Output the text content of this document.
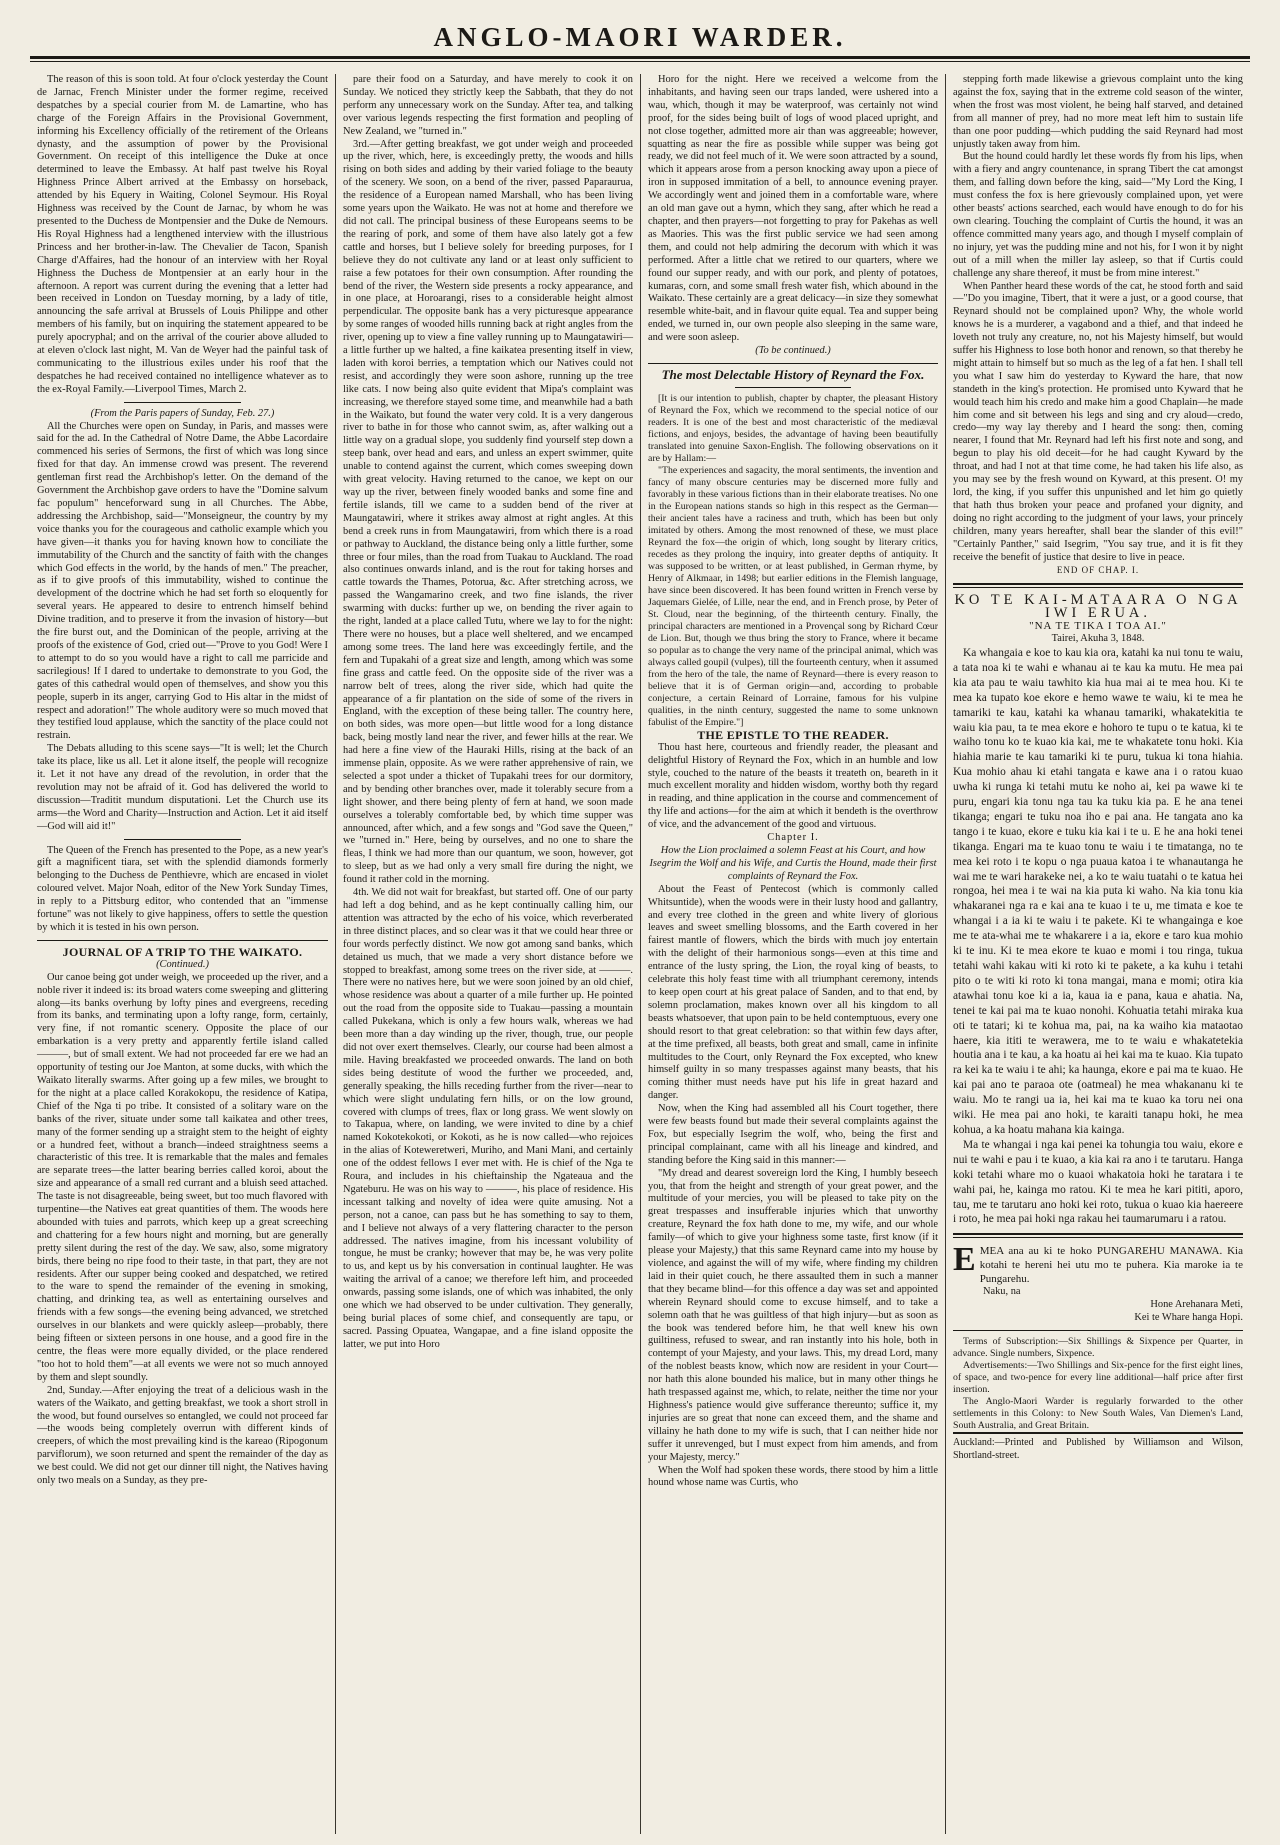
ANGLO-MAORI WARDER.

The reason of this is soon told. At four o'clock yesterday the Count de Jarnac, French Minister under the former regime, received despatches by a special courier from M. de Lamartine, who has charge of the Foreign Affairs in the Provisional Government, informing his Excellency officially of the retirement of the Orleans dynasty, and the assumption of power by the Provisional Government. On receipt of this intelligence the Duke at once determined to leave the Embassy. At half past twelve his Royal Highness Prince Albert arrived at the Embassy on horseback, attended by his Equery in Waiting, Colonel Seymour. His Royal Highness was received by the Count de Jarnac, by whom he was presented to the Duchess de Montpensier and the Duke de Nemours. His Royal Highness had a lengthened interview with the illustrious Princess and her brother-in-law. The Chevalier de Tacon, Spanish Charge d'Affaires, had the honour of an interview with her Royal Highness the Duchess de Montpensier at an early hour in the afternoon. A report was current during the evening that a letter had been received in London on Tuesday morning, by a lady of title, announcing the safe arrival at Brussels of Louis Philippe and other members of his family, but on inquiring the statement appeared to be purely apocryphal; and on the arrival of the courier above alluded to at eleven o'clock last night, M. Van de Weyer had the painful task of communicating to the illustrious exiles under his roof that the despatches he had received contained no intelligence whatever as to the ex-Royal Family.—Liverpool Times, March 2.

(From the Paris papers of Sunday, Feb. 27.)

All the Churches were open on Sunday, in Paris, and masses were said for the ad. In the Cathedral of Notre Dame, the Abbe Lacordaire commenced his series of Sermons, the first of which was long since fixed for that day. An immense crowd was present. The reverend gentleman first read the Archbishop's letter. On the demand of the Government the Archbishop gave orders to have the "Domine salvum fac populum" henceforward sung in all Churches. The Abbe, addressing the Archbishop, said—"Monseigneur, the country by my voice thanks you for the courageous and catholic example which you have given—it thanks you for having known how to conciliate the immutability of the Church and the sanctity of faith with the changes which God effects in the world, by the hands of men." The preacher, as if to give proofs of this immutability, wished to continue the development of the doctrine which he had set forth so eloquently for several years. He appeared to desire to entrench himself behind Divine tradition, and to preserve it from the invasion of history—but the fire burst out, and the Dominican of the people, arriving at the proofs of the existence of God, cried out—"Prove to you God! Were I to attempt to do so you would have a right to call me parricide and sacrilegious! If I dared to undertake to demonstrate to you God, the gates of this cathedral would open of themselves, and show you this people, superb in its anger, carrying God to His altar in the midst of respect and adoration!" The whole auditory were so much moved that they testified loud applause, which the sanctity of the place could not restrain.

The Debats alluding to this scene says—"It is well; let the Church take its place, like us all. Let it alone itself, the people will recognize it. Let it not have any dread of the revolution, in order that the revolution may not be afraid of it. God has delivered the world to discussion—Traditit mundum disputationi. Let the Church use its arms—the Word and Charity—Instruction and Action. Let it aid itself—God will aid it!"

The Queen of the French has presented to the Pope, as a new year's gift a magnificent tiara, set with the splendid diamonds formerly belonging to the Duchess de Penthievre, which are encased in violet coloured velvet. Major Noah, editor of the New York Sunday Times, in reply to a Pittsburg editor, who contended that an "immense fortune" was not likely to give happiness, offers to settle the question by which it is tested in his own person.

JOURNAL OF A TRIP TO THE WAIKATO.

(Continued.)

Our canoe being got under weigh, we proceeded up the river, and a noble river it indeed is: its broad waters come sweeping and glittering along—its banks overhung by lofty pines and evergreens, receding from its banks, and terminating upon a lofty range, form, certainly, very fine, if not romantic scenery. Opposite the place of our embarkation is a very pretty and apparently fertile island called ———, but of small extent. We had not proceeded far ere we had an opportunity of testing our Joe Manton, at some ducks, with which the Waikato literally swarms. After going up a few miles, we brought to for the night at a place called Korakokopu, the residence of Katipa, Chief of the Nga ti po tribe. It consisted of a solitary ware on the banks of the river, situate under some tall kaikatea and other trees, many of the former sending up a straight stem to the height of eighty or a hundred feet, without a branch—indeed straightness seems a characteristic of this tree. It is remarkable that the males and females are separate trees—the latter bearing berries called koroi, about the size and appearance of a small red currant and a bluish seed attached. The taste is not disagreeable, being sweet, but too much flavored with turpentine—the Natives eat great quantities of them. The woods here abounded with tuies and parrots, which keep up a great screeching and chattering for a few hours night and morning, but are generally pretty silent during the rest of the day. We saw, also, some migratory birds, there being no ripe food to their taste, in that part, they are not residents. After our supper being cooked and despatched, we retired to the ware to spend the remainder of the evening in smoking, chatting, and drinking tea, as well as entertaining ourselves and friends with a few songs—the evening being advanced, we stretched ourselves in our blankets and were quickly asleep—probably, there being fifteen or sixteen persons in one house, and a good fire in the centre, the fleas were more equally divided, or the place rendered "too hot to hold them"—at all events we were not so much annoyed by them and slept soundly.

2nd, Sunday.—After enjoying the treat of a delicious wash in the waters of the Waikato, and getting breakfast, we took a short stroll in the wood, but found ourselves so entangled, we could not proceed far—the woods being completely overrun with different kinds of creepers, of which the most prevailing kind is the kareao (Ripogonum parviflorum), we soon returned and spent the remainder of the day as we best could. We did not get our dinner till night, the Natives having only two meals on a Sunday, as they pre-

pare their food on a Saturday, and have merely to cook it on Sunday. We noticed they strictly keep the Sabbath, that they do not perform any unnecessary work on the Sunday. After tea, and talking over various legends respecting the first formation and peopling of New Zealand, we "turned in."

3rd.—After getting breakfast, we got under weigh and proceeded up the river, which, here, is exceedingly pretty, the woods and hills rising on both sides and adding by their varied foliage to the beauty of the scenery. We soon, on a bend of the river, passed Paparaurua, the residence of a European named Marshall, who has been living some years upon the Waikato. He was not at home and therefore we did not call. The principal business of these Europeans seems to be the rearing of pork, and some of them have also lately got a few cattle and horses, but I believe solely for breeding purposes, for I believe they do not cultivate any land or at least only sufficient to raise a few potatoes for their own consumption. After rounding the bend of the river, the Western side presents a rocky appearance, and in one place, at Horoarangi, rises to a considerable height almost perpendicular. The opposite bank has a very picturesque appearance by some ranges of wooded hills running back at right angles from the river, opening up to view a fine valley running up to Maungatawiri—a little further up we halted, a fine kaikatea presenting itself in view, laden with koroi berries, a temptation which our Natives could not resist, and accordingly they were soon ashore, running up the tree like cats. I now being also quite evident that Mipa's complaint was increasing, we therefore stayed some time, and meanwhile had a bath in the Waikato, but found the water very cold. It is a very dangerous river to bathe in for those who cannot swim, as, after walking out a little way on a gradual slope, you suddenly find yourself step down a steep bank, over head and ears, and unless an expert swimmer, quite unable to contend against the current, which comes sweeping down with great velocity. Having returned to the canoe, we kept on our way up the river, between finely wooded banks and some fine and fertile islands, till we came to a sudden bend of the river at Maungatawiri, where it strikes away almost at right angles. At this bend a creek runs in from Maungatawiri, from which there is a road or pathway to Auckland, the distance being only a little further, some three or four miles, than the road from Tuakau to Auckland. The road also continues onwards inland, and is the rout for taking horses and cattle towards the Thames, Potorua, &c. After stretching across, we passed the Wangamarino creek, and two fine islands, the river swarming with ducks: further up we, on bending the river again to the right, landed at a place called Tutu, where we lay to for the night: There were no houses, but a place well sheltered, and we encamped among some trees. The land here was exceedingly fertile, and the fern and Tupakahi of a great size and length, among which was some fine grass and cattle feed. On the opposite side of the river was a narrow belt of trees, along the river side, which had quite the appearance of a fir plantation on the side of some of the rivers in England, with the exception of these being taller. The country here, on both sides, was more open—but little wood for a long distance back, being mostly land near the river, and fewer hills at the rear. We had here a fine view of the Hauraki Hills, rising at the back of an immense plain, opposite. As we were rather apprehensive of rain, we selected a spot under a thicket of Tupakahi trees for our dormitory, and by bending other branches over, made it tolerably secure from a light shower, and there being plenty of fern at hand, we soon made ourselves a tolerably comfortable bed, by which time supper was announced, after which, and a few songs and "God save the Queen," we "turned in." Here, being by ourselves, and no one to share the fleas, I think we had more than our quantum, we soon, however, got to sleep, but as we had only a very small fire during the night, we found it rather cold in the morning.

4th. We did not wait for breakfast, but started off. One of our party had left a dog behind, and as he kept continually calling him, our attention was attracted by the echo of his voice, which reverberated in three distinct places, and so clear was it that we could hear three or four words perfectly distinct. We now got among sand banks, which detained us much, that we made a very short distance before we stopped to breakfast, among some trees on the river side, at ———. There were no natives here, but we were soon joined by an old chief, whose residence was about a quarter of a mile further up. He pointed out the road from the opposite side to Tuakau—passing a mountain called Pukekana, which is only a few hours walk, whereas we had been more than a day winding up the river, though, true, our people did not over exert themselves. Clearly, our course had been almost a mile. Having breakfasted we proceeded onwards. The land on both sides being destitute of wood the further we proceeded, and, generally speaking, the hills receding further from the river—near to which were slight undulating fern hills, or on the low ground, covered with clumps of trees, flax or long grass. We went slowly on to Takapua, where, on landing, we were invited to dine by a chief named Kokotekokoti, or Kokoti, as he is now called—who rejoices in the alias of Koteweretweri, Muriho, and Mani Mani, and certainly one of the oddest fellows I ever met with. He is chief of the Nga te Roura, and includes in his chieftainship the Ngateaua and the Ngateburu. He was on his way to ———, his place of residence. His incessant talking and novelty of idea were quite amusing. Not a person, not a canoe, can pass but he has something to say to them, and I believe not always of a very flattering character to the person addressed. The natives imagine, from his incessant volubility of tongue, he must be cranky; however that may be, he was very polite to us, and kept us by his conversation in continual laughter. He was waiting the arrival of a canoe; we therefore left him, and proceeded onwards, passing some islands, one of which was inhabited, the only one which we had observed to be under cultivation. They generally, being burial places of some chief, and consequently are tapu, or sacred. Passing Opuatea, Wangapae, and a fine island opposite the latter, we put into Horo

Horo for the night. Here we received a welcome from the inhabitants, and having seen our traps landed, were ushered into a wau, which, though it may be waterproof, was certainly not wind proof, for the sides being built of logs of wood placed upright, and not close together, admitted more air than was aggreeable; however, squatting as near the fire as possible while supper was being got ready, we did not feel much of it. We were soon attracted by a sound, which it appears arose from a person knocking away upon a piece of iron in supposed immitation of a bell, to announce evening prayer. We accordingly went and joined them in a comfortable ware, where an old man gave out a hymn, which they sang, after which he read a chapter, and then prayers—not forgetting to pray for Pakehas as well as Maories. This was the first public service we had seen among them, and could not help admiring the decorum with which it was performed. After a little chat we retired to our quarters, where we found our supper ready, and with our pork, and plenty of potatoes, kumaras, corn, and some small fresh water fish, which abound in the Waikato. These certainly are a great delicacy—in size they somewhat resemble white-bait, and in flavour quite equal. Tea and supper being ended, we turned in, our own people also sleeping in the same ware, and were soon asleep.

(To be continued.)

The most Delectable History of Reynard the Fox.

[It is our intention to publish, chapter by chapter, the pleasant History of Reynard the Fox, which we recommend to the special notice of our readers. It is one of the best and most characteristic of the mediæval fictions, and enjoys, besides, the advantage of having been beautifully translated into genuine Saxon-English. The following observations on it are by Hallam:—

"The experiences and sagacity, the moral sentiments, the invention and fancy of many obscure centuries may be discerned more fully and favorably in these various fictions than in their elaborate treatises. No one in the European nations stands so high in this respect as the German—their ancient tales have a raciness and truth, which has been but only imitated by others. Among the most renowned of these, we must place Reynard the fox—the origin of which, long sought by literary critics, recedes as they prolong the inquiry, into greater depths of antiquity. It was supposed to be written, or at least published, in German rhyme, by Henry of Alkmaar, in 1498; but earlier editions in the Flemish language, have since been discovered. It has been found written in French verse by Jaquemars Gielée, of Lille, near the end, and in French prose, by Peter of St. Cloud, near the beginning, of the thirteenth century. Finally, the principal characters are mentioned in a Provençal song by Richard Cœur de Lion. But, though we thus bring the story to France, where it became so popular as to change the very name of the principal animal, which was always called goupil (vulpes), till the fourteenth century, when it assumed from the hero of the tale, the name of Reynard—there is every reason to believe that it is of German origin—and, according to probable conjecture, a certain Reinard of Lorraine, famous for his vulpine qualities, in the ninth century, suggested the name to some unknown fabulist of the Empire."]

THE EPISTLE TO THE READER.

Thou hast here, courteous and friendly reader, the pleasant and delightful History of Reynard the Fox, which in an humble and low style, couched to the nature of the beasts it treateth on, beareth in it much excellent morality and hidden wisdom, worthy both thy regard in reading, and thine application in the course and commencement of thy life and actions—for the aim at which it bendeth is the overthrow of vice, and the advancement of the good and virtuous.

Chapter I.

How the Lion proclaimed a solemn Feast at his Court, and how Isegrim the Wolf and his Wife, and Curtis the Hound, made their first complaints of Reynard the Fox.

About the Feast of Pentecost (which is commonly called Whitsuntide), when the woods were in their lusty hood and gallantry, and every tree clothed in the green and white livery of glorious leaves and sweet smelling blossoms, and the Earth covered in her fairest mantle of flowers, which the birds with much joy entertain with the delight of their harmonious songs—even at this time and entrance of the lusty spring, the Lion, the royal king of beasts, to celebrate this holy feast time with all triumphant ceremony, intends to keep open court at his great palace of Sanden, and to that end, by solemn proclamation, makes known over all his kingdom to all beasts whatsoever, that upon pain to be held contemptuous, every one should resort to that great celebration: so that within few days after, at the time prefixed, all beasts, both great and small, came in infinite multitudes to the Court, only Reynard the Fox excepted, who knew himself guilty in so many trespasses against many beasts, that his coming thither must needs have put his life in great hazard and danger.

Now, when the King had assembled all his Court together, there were few beasts found but made their several complaints against the Fox, but especially Isegrim the wolf, who, being the first and principal complainant, came with all his lineage and kindred, and standing before the King said in this manner:—

"My dread and dearest sovereign lord the King, I humbly beseech you, that from the height and strength of your great power, and the multitude of your mercies, you will be pleased to take pity on the great trespasses and insufferable injuries which that unworthy creature, Reynard the fox hath done to me, my wife, and our whole family—of which to give your highness some taste, first know (if it please your Majesty,) that this same Reynard came into my house by violence, and against the will of my wife, where finding my children laid in their quiet couch, he there assaulted them in such a manner that they became blind—for this offence a day was set and appointed wherein Reynard should come to excuse himself, and to take a solemn oath that he was guiltless of that high injury—but as soon as the book was tendered before him, he that well knew his own guiltiness, refused to swear, and ran instantly into his hole, both in contempt of your Majesty, and your laws. This, my dread Lord, many of the noblest beasts know, which now are resident in your Court—nor hath this alone bounded his malice, but in many other things he hath trespassed against me, which, to relate, neither the time nor your Highness's patience would give sufferance thereunto; suffice it, my injuries are so great that none can exceed them, and the shame and villainy he hath done to my wife is such, that I can neither hide nor suffer it unrevenged, but I must expect from him amends, and from your Majesty, mercy."

When the Wolf had spoken these words, there stood by him a little hound whose name was Curtis, who

stepping forth made likewise a grievous complaint unto the king against the fox, saying that in the extreme cold season of the winter, when the frost was most violent, he being half starved, and detained from all manner of prey, had no more meat left him to sustain life than one poor pudding—which pudding the said Reynard had most unjustly taken away from him.

But the hound could hardly let these words fly from his lips, when with a fiery and angry countenance, in sprang Tibert the cat amongst them, and falling down before the king, said—"My Lord the King, I must confess the fox is here grievously complained upon, yet were other beasts' actions searched, each would have enough to do for his own clearing. Touching the complaint of Curtis the hound, it was an offence committed many years ago, and though I myself complain of no injury, yet was the pudding mine and not his, for I won it by night out of a mill when the miller lay asleep, so that if Curtis could challenge any share thereof, it must be from mine interest."

When Panther heard these words of the cat, he stood forth and said—"Do you imagine, Tibert, that it were a just, or a good course, that Reynard should not be complained upon? Why, the whole world knows he is a murderer, a vagabond and a thief, and that indeed he loveth not truly any creature, no, not his Majesty himself, but would suffer his Highness to lose both honor and renown, so that thereby he might attain to himself but so much as the leg of a fat hen. I shall tell you what I saw him do yesterday to Kyward the hare, that now standeth in the king's protection. He promised unto Kyward that he would teach him his credo and make him a good Chaplain—he made him come and sit between his legs and sing and cry aloud—credo, credo—my way lay thereby and I heard the song: then, coming nearer, I found that Mr. Reynard had left his first note and song, and begun to play his old deceit—for he had caught Kyward by the throat, and had I not at that time come, he had taken his life also, as you may see by the fresh wound on Kyward, at this present. O! my lord, the king, if you suffer this unpunished and let him go quietly that hath thus broken your peace and profaned your dignity, and doing no right according to the judgment of your laws, your princely children, many years hereafter, shall bear the slander of this evil!" "Certainly Panther," said Isegrim, "You say true, and it is fit they receive the benefit of justice that desire to live in peace.

END OF CHAP. I.

KO TE KAI-MATAARA O NGA IWI ERUA.

"NA TE TIKA I TOA AI."

Tairei, Akuha 3, 1848.

Ka whangaia e koe to kau kia ora, katahi ka nui tonu te waiu, a tata noa ki te wahi e whanau ai te kau ka mutu. He mea pai kia ata pau te waiu tawhito kia hua mai ai te mea hou. Ki te mea ka tupato koe ekore e hemo wawe te waiu, ki te mea he tamariki te kau, katahi ka whanau tamariki, whakatekitia te waiu kia pau, ta te mea ekore e hohoro te tupu o te katua, ki te waiho tonu ko te kuao kia kai, me te whakatete tonu hoki. Kia hiahia marie te kau tamariki ki te puru, tukua ki tona hiahia. Kua mohio ahau ki etahi tangata e kawe ana i o ratou kuao uwha ki runga ki tetahi mutu ke noho ai, kei pa wawe ki te puru, engari kia tonu nga tau ka tuku kia pa. E he ana tenei tikanga; engari te tuku noa iho e pai ana. He tangata ano ka tango i te kuao, ekore e tuku kia kai i te u. E he ana hoki tenei tikanga. Engari ma te kuao tonu te waiu i te timatanga, no te mea kei roto i te kopu o nga puaua katoa i te whanautanga he wai me te wari harakeke nei, a ko te waiu tuatahi o te katua hei rongoa, hei mea i te wai na kia puta ki waho. Na kia tonu kia whakaranei nga ra e kai ana te kuao i te u, me timata e koe te whangai i a ia ki te waiu i te pakete. Ki te whangainga e koe me te ata-whai me te whakarere i a ia, ekore e taro kua mohio ki te inu. Ki te mea ekore te kuao e momi i tou ringa, tukua tetahi wahi kakau witi ki roto ki te pakete, a ka kuhu i tetahi pito o te witi ki roto ki tona mangai, mana e momi; otira kia atawhai tonu koe ki a ia, kaua ia e pana, kaua e ahatia. Na, tenei te kai pai ma te kuao nonohi. Kohuatia tetahi miraka kua oti te tatari; ki te kohua ma, pai, na ka waiho kia mataotao haere, kia ititi te werawera, me to te waiu e whakatetekia houtia ana i te kau, a ka hoatu ai hei kai ma te kuao. Kia tupato ra kei ka te waiu i te ahi; ka haunga, ekore e pai ma te kuao. He kai pai ano te paraoa ote (oatmeal) he mea whakananu ki te waiu. Mo te rangi ua ia, hei kai ma te kuao ka toru nei ona wiki. He mea pai ano hoki, te karaiti tanapu hoki, he mea kohua, a ka hoatu mahana kia kainga.

Ma te whangai i nga kai penei ka tohungia tou waiu, ekore e nui te wahi e pau i te kuao, a kia kai ra ano i te tarutaru. Hanga koki tetahi whare mo o kuaoi whakatoia hoki he taratara i te wahi pai, he, kainga mo ratou. Ki te mea he kari pititi, aporo, tau, me te tarutaru ano hoki kei roto, tukua o kuao kia haereere i roto, he mea pai hoki nga rakau hei taumarumaru i a ratou.

EMEA ana au ki te hoko PUNGAREHU MANAWA. Kia kotahi te hereni hei utu mo te puhera. Kia maroke ia te Pungarehu.

Naku, na

Hone Arehanara Meti,

Kei te Whare hanga Hopi.

Terms of Subscription:—Six Shillings & Sixpence per Quarter, in advance. Single numbers, Sixpence.

Advertisements:—Two Shillings and Six-pence for the first eight lines, of space, and two-pence for every line additional—half price after first insertion.

The Anglo-Maori Warder is regularly forwarded to the other settlements in this Colony: to New South Wales, Van Diemen's Land, South Australia, and Great Britain.

Auckland:—Printed and Published by Williamson and Wilson, Shortland-street.
